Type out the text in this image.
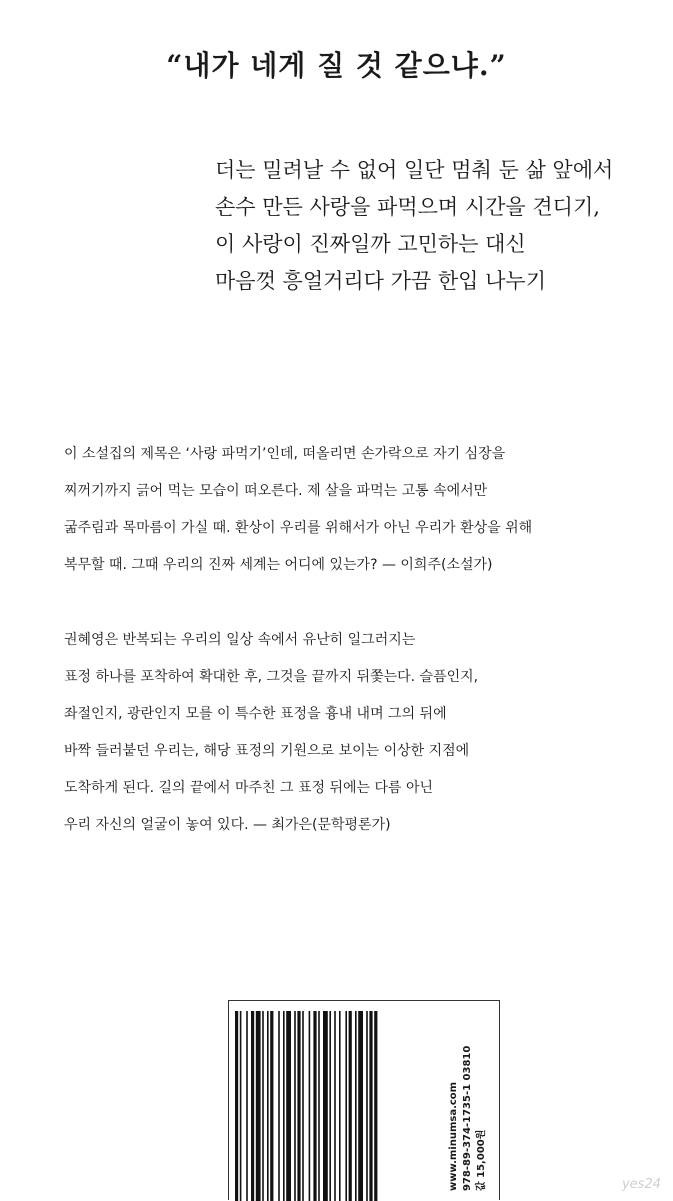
“내가 네게 질 것 같으냐.”
더는 밀려날 수 없어 일단 멈춰 둔 삶 앞에서
손수 만든 사랑을 파먹으며 시간을 견디기,
이 사랑이 진짜일까 고민하는 대신
마음껏 흥얼거리다 가끔 한입 나누기
이 소설집의 제목은 ‘사랑 파먹기’인데, 떠올리면 손가락으로 자기 심장을
찌꺼기까지 긁어 먹는 모습이 떠오른다. 제 살을 파먹는 고통 속에서만
굶주림과 목마름이 가실 때. 환상이 우리를 위해서가 아닌 우리가 환상을 위해
복무할 때. 그때 우리의 진짜 세계는 어디에 있는가? — 이희주(소설가)
권혜영은 반복되는 우리의 일상 속에서 유난히 일그러지는
표정 하나를 포착하여 확대한 후, 그것을 끝까지 뒤쫓는다. 슬픔인지,
좌절인지, 광란인지 모를 이 특수한 표정을 흉내 내며 그의 뒤에
바짝 들러붙던 우리는, 해당 표정의 기원으로 보이는 이상한 지점에
도착하게 된다. 길의 끝에서 마주친 그 표정 뒤에는 다름 아닌
우리 자신의 얼굴이 놓여 있다. — 최가은(문학평론가)
www.minumsa.com 978-89-374-1735-1 03810 값 15,000원	yes24
